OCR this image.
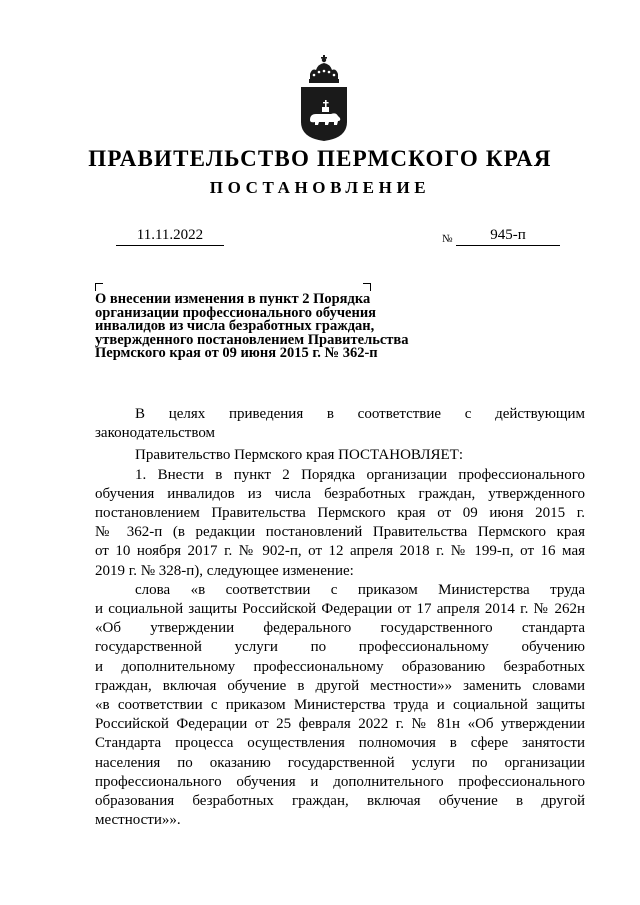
ПРАВИТЕЛЬСТВО ПЕРМСКОГО КРАЯ
ПОСТАНОВЛЕНИЕ
11.11.2022	№	945-п
О внесении изменения в пункт 2 Порядка
организации профессионального обучения
инвалидов из числа безработных граждан,
утвержденного постановлением Правительства
Пермского края от 09 июня 2015 г. № 362-п
В целях приведения в соответствие с действующим
законодательством
Правительство Пермского края ПОСТАНОВЛЯЕТ:
1. Внести в пункт 2 Порядка организации профессионального
обучения инвалидов из числа безработных граждан, утвержденного
постановлением Правительства Пермского края от 09 июня 2015 г.
№ 362-п (в редакции постановлений Правительства Пермского края
от 10 ноября 2017 г. № 902-п, от 12 апреля 2018 г. № 199-п, от 16 мая
2019 г. № 328-п), следующее изменение:
слова «в соответствии с приказом Министерства труда
и социальной защиты Российской Федерации от 17 апреля 2014 г. № 262н
«Об утверждении федерального государственного стандарта
государственной услуги по профессиональному обучению
и дополнительному профессиональному образованию безработных
граждан, включая обучение в другой местности»» заменить словами
«в соответствии с приказом Министерства труда и социальной защиты
Российской Федерации от 25 февраля 2022 г. № 81н «Об утверждении
Стандарта процесса осуществления полномочия в сфере занятости
населения по оказанию государственной услуги по организации
профессионального обучения и дополнительного профессионального
образования безработных граждан, включая обучение в другой
местности»».
